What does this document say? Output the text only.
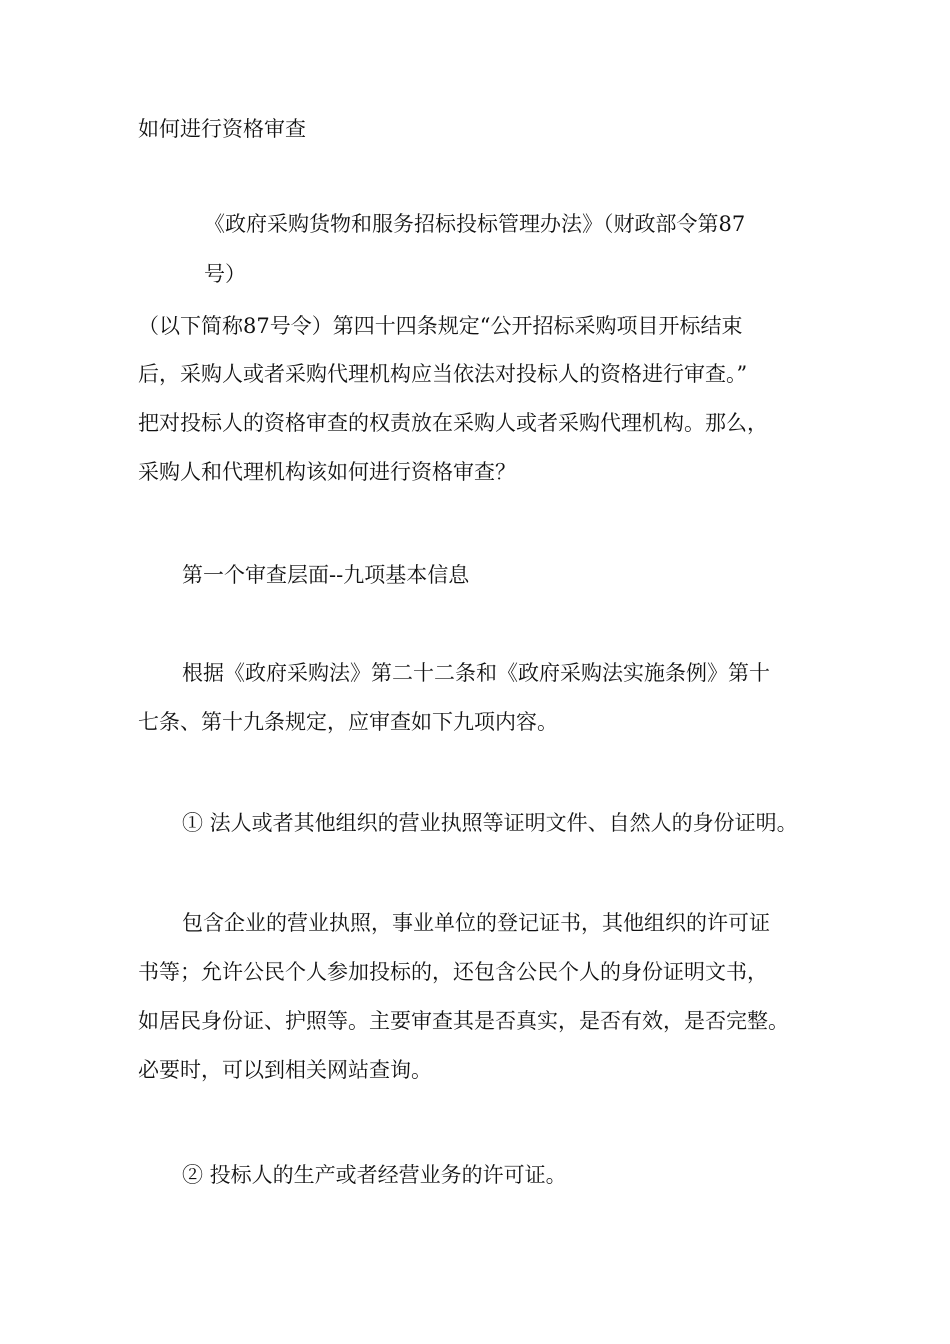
如何进行资格审查
《政府采购货物和服务招标投标管理办法》（财政部令第87
号）
（以下简称87号令）第四十四条规定“公开招标采购项目开标结束
后，采购人或者采购代理机构应当依法对投标人的资格进行审查。”
把对投标人的资格审查的权责放在采购人或者采购代理机构。那么，
采购人和代理机构该如何进行资格审查？
第一个审查层面--九项基本信息
根据《政府采购法》第二十二条和《政府采购法实施条例》第十
七条、第十九条规定，应审查如下九项内容。
① 法人或者其他组织的营业执照等证明文件、自然人的身份证明。
包含企业的营业执照，事业单位的登记证书，其他组织的许可证
书等；允许公民个人参加投标的，还包含公民个人的身份证明文书，
如居民身份证、护照等。主要审查其是否真实，是否有效，是否完整。
必要时，可以到相关网站查询。
② 投标人的生产或者经营业务的许可证。
